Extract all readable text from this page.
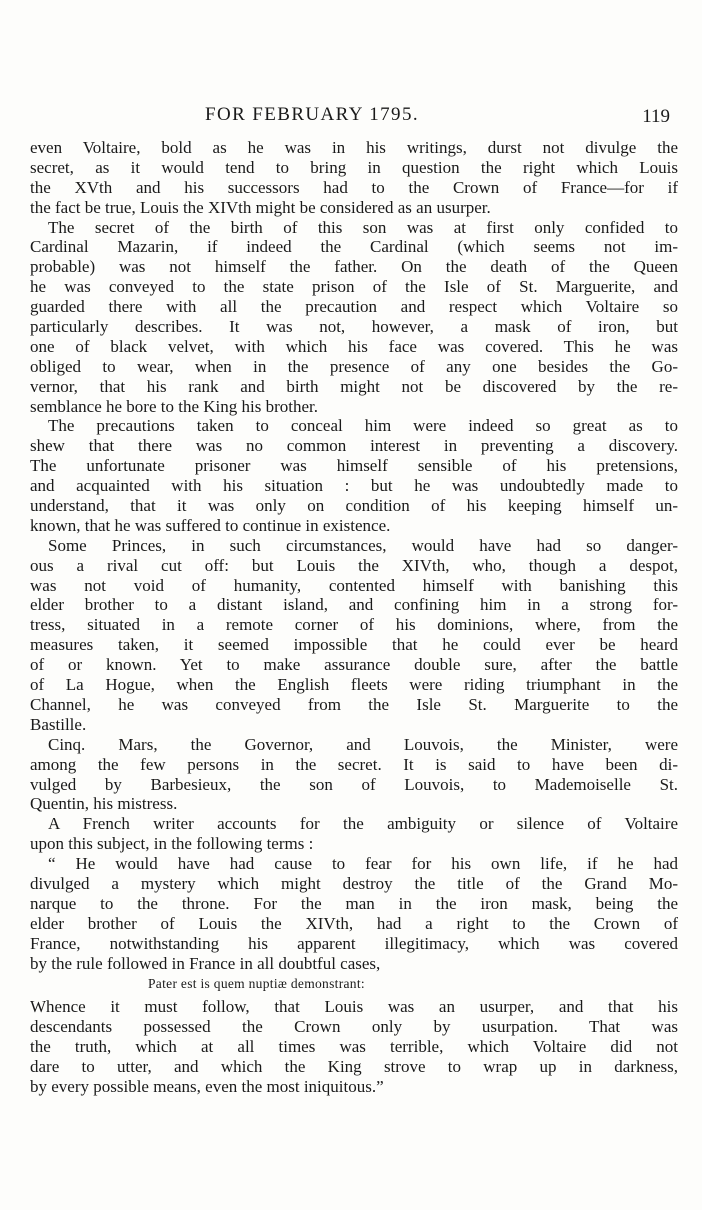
FOR FEBRUARY 1795.	119
even Voltaire, bold as he was in his writings, durst not divulge the
secret, as it would tend to bring in question the right which Louis
the XVth and his successors had to the Crown of France—for if
the fact be true, Louis the XIVth might be considered as an usurper.
The secret of the birth of this son was at first only confided to
Cardinal Mazarin, if indeed the Cardinal (which seems not im-
probable) was not himself the father. On the death of the Queen
he was conveyed to the state prison of the Isle of St. Marguerite, and
guarded there with all the precaution and respect which Voltaire so
particularly describes. It was not, however, a mask of iron, but
one of black velvet, with which his face was covered. This he was
obliged to wear, when in the presence of any one besides the Go-
vernor, that his rank and birth might not be discovered by the re-
semblance he bore to the King his brother.
The precautions taken to conceal him were indeed so great as to
shew that there was no common interest in preventing a discovery.
The unfortunate prisoner was himself sensible of his pretensions,
and acquainted with his situation : but he was undoubtedly made to
understand, that it was only on condition of his keeping himself un-
known, that he was suffered to continue in existence.
Some Princes, in such circumstances, would have had so danger-
ous a rival cut off: but Louis the XIVth, who, though a despot,
was not void of humanity, contented himself with banishing this
elder brother to a distant island, and confining him in a strong for-
tress, situated in a remote corner of his dominions, where, from the
measures taken, it seemed impossible that he could ever be heard
of or known. Yet to make assurance double sure, after the battle
of La Hogue, when the English fleets were riding triumphant in the
Channel, he was conveyed from the Isle St. Marguerite to the
Bastille.
Cinq. Mars, the Governor, and Louvois, the Minister, were
among the few persons in the secret. It is said to have been di-
vulged by Barbesieux, the son of Louvois, to Mademoiselle St.
Quentin, his mistress.
A French writer accounts for the ambiguity or silence of Voltaire
upon this subject, in the following terms :
“ He would have had cause to fear for his own life, if he had
divulged a mystery which might destroy the title of the Grand Mo-
narque to the throne. For the man in the iron mask, being the
elder brother of Louis the XIVth, had a right to the Crown of
France, notwithstanding his apparent illegitimacy, which was covered
by the rule followed in France in all doubtful cases,
Pater est is quem nuptiæ demonstrant:
Whence it must follow, that Louis was an usurper, and that his
descendants possessed the Crown only by usurpation. That was
the truth, which at all times was terrible, which Voltaire did not
dare to utter, and which the King strove to wrap up in darkness,
by every possible means, even the most iniquitous.”
